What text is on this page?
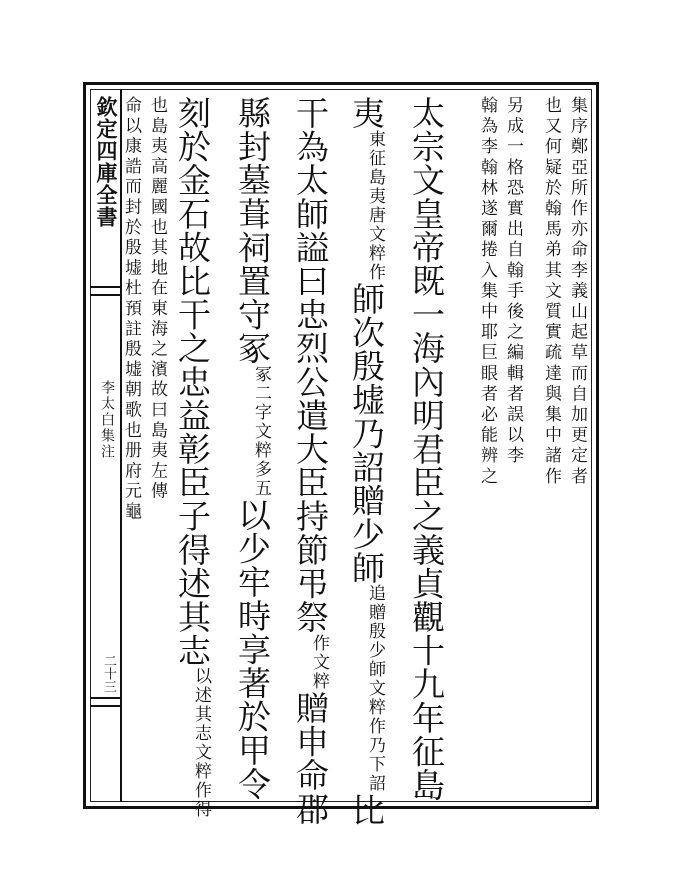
欽定四庫全書
李太白集注
二十三
集序鄭亞所作亦命李義山起草而自加更定者
也又何疑於翰馬弟其文質實疏達與集中諸作
另成一格恐實出自翰手後之編輯者誤以李
翰為李翰林遂爾捲入集中耶巨眼者必能辨之
太宗文皇帝既一海內明君臣之義貞觀十九年征島
夷
唐文粹作
東征島夷
師次殷墟乃詔贈少師
文粹作乃下詔
追贈殷少師
比
干為太師謚曰忠烈公遣大臣持節弔祭
文粹
作
贈申命郡
縣封墓葺祠置守冢
文粹多五
冢二字
以少牢時享著於甲令
刻於金石故比干之忠益彰臣子得述其志
文粹作得
以述其志
也島夷高麗國也其地在東海之濱故曰島夷左傳
命以康誥而封於殷墟杜預註殷墟朝歌也册府元龜
